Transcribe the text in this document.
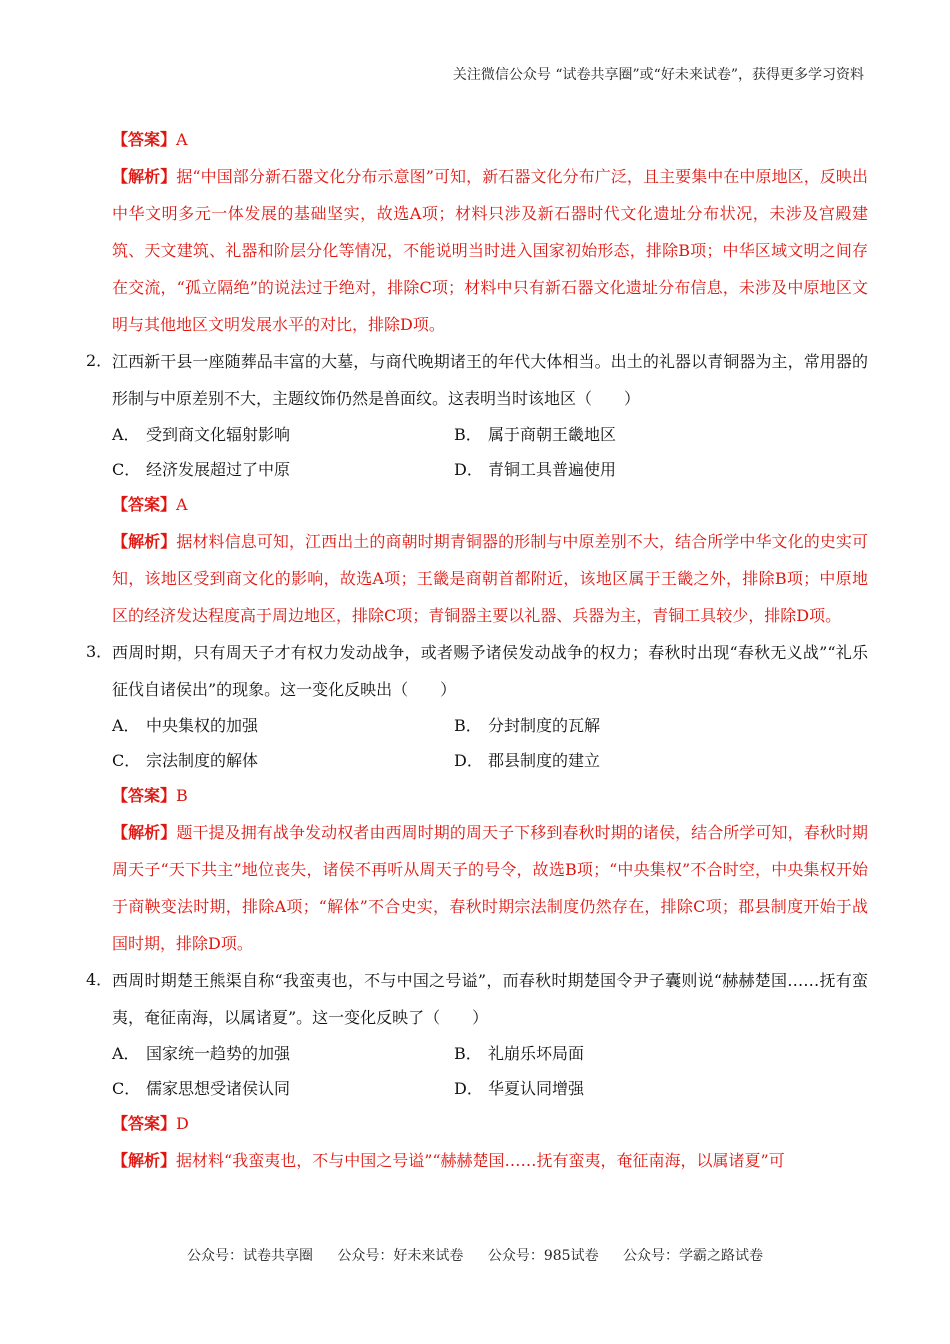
关注微信公众号 “试卷共享圈”或“好未来试卷”，获得更多学习资料
【答案】A
【解析】据“中国部分新石器文化分布示意图”可知，新石器文化分布广泛，且主要集中在中原地区，反映出中华文明多元一体发展的基础坚实，故选A项；材料只涉及新石器时代文化遗址分布状况，未涉及宫殿建筑、天文建筑、礼器和阶层分化等情况，不能说明当时进入国家初始形态，排除B项；中华区域文明之间存在交流，“孤立隔绝”的说法过于绝对，排除C项；材料中只有新石器文化遗址分布信息，未涉及中原地区文明与其他地区文明发展水平的对比，排除D项。
2． 江西新干县一座随葬品丰富的大墓，与商代晚期诸王的年代大体相当。出土的礼器以青铜器为主，常用器的形制与中原差别不大，主题纹饰仍然是兽面纹。这表明当时该地区（　　）
A． 受到商文化辐射影响	B． 属于商朝王畿地区
C． 经济发展超过了中原	D． 青铜工具普遍使用
【答案】A
【解析】据材料信息可知，江西出土的商朝时期青铜器的形制与中原差别不大，结合所学中华文化的史实可知，该地区受到商文化的影响，故选A项；王畿是商朝首都附近，该地区属于王畿之外，排除B项；中原地区的经济发达程度高于周边地区，排除C项；青铜器主要以礼器、兵器为主，青铜工具较少，排除D项。
3． 西周时期，只有周天子才有权力发动战争，或者赐予诸侯发动战争的权力；春秋时出现“春秋无义战”“礼乐征伐自诸侯出”的现象。这一变化反映出（　　）
A． 中央集权的加强	B． 分封制度的瓦解
C． 宗法制度的解体	D． 郡县制度的建立
【答案】B
【解析】题干提及拥有战争发动权者由西周时期的周天子下移到春秋时期的诸侯，结合所学可知，春秋时期周天子“天下共主”地位丧失，诸侯不再听从周天子的号令，故选B项；“中央集权”不合时空，中央集权开始于商鞅变法时期，排除A项；“解体”不合史实，春秋时期宗法制度仍然存在，排除C项；郡县制度开始于战国时期，排除D项。
4． 西周时期楚王熊渠自称“我蛮夷也，不与中国之号谥”，而春秋时期楚国令尹子囊则说“赫赫楚国……抚有蛮夷，奄征南海，以属诸夏”。这一变化反映了（　　）
A． 国家统一趋势的加强	B． 礼崩乐坏局面
C． 儒家思想受诸侯认同	D． 华夏认同增强
【答案】D
【解析】据材料“我蛮夷也，不与中国之号谥”“赫赫楚国……抚有蛮夷，奄征南海，以属诸夏”可
公众号：试卷共享圈 公众号：好未来试卷 公众号：985试卷 公众号：学霸之路试卷
